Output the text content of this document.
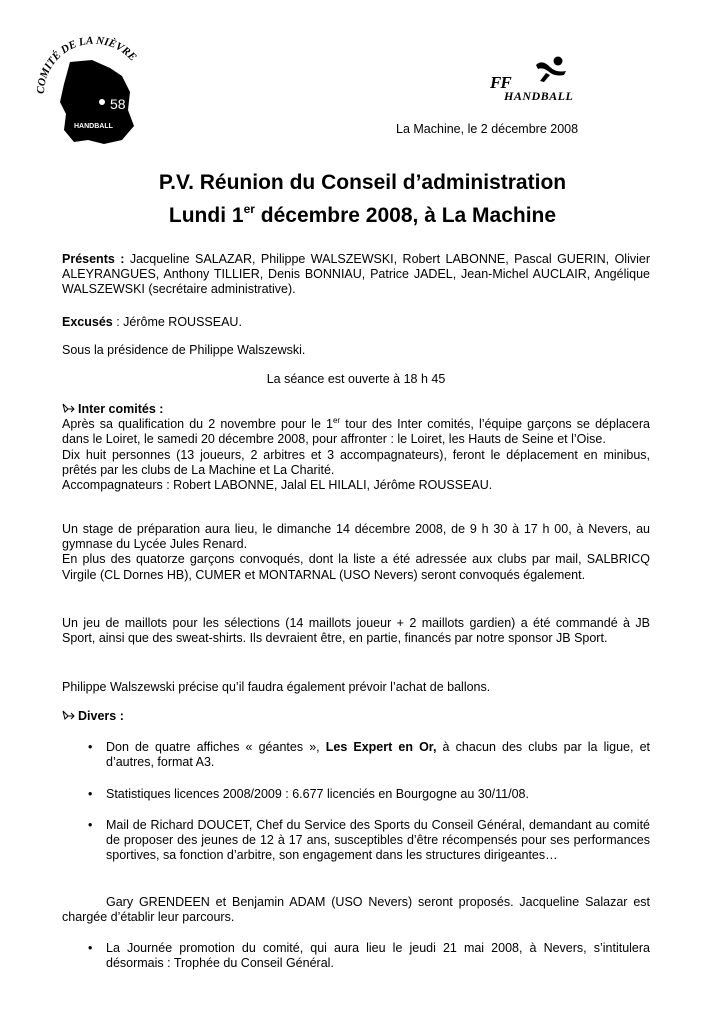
COMITÉ DE LA NIÈVRE
58
HANDBALL
FF
HANDBALL
La Machine, le 2 décembre 2008
P.V. Réunion du Conseil d’administration
Lundi 1er décembre 2008, à La Machine

Présents : Jacqueline SALAZAR, Philippe WALSZEWSKI, Robert LABONNE, Pascal GUERIN, Olivier ALEYRANGUES, Anthony TILLIER, Denis BONNIAU, Patrice JADEL, Jean-Michel AUCLAIR, Angélique WALSZEWSKI (secrétaire administrative).

Excusés : Jérôme ROUSSEAU.

Sous la présidence de Philippe Walszewski.

La séance est ouverte à 18 h 45

Inter comités :

Après sa qualification du 2 novembre pour le 1er tour des Inter comités, l’équipe garçons se déplacera dans le Loiret, le samedi 20 décembre 2008, pour affronter : le Loiret, les Hauts de Seine et l’Oise.

Dix huit personnes (13 joueurs, 2 arbitres et 3 accompagnateurs), feront le déplacement en minibus, prêtés par les clubs de La Machine et La Charité.

Accompagnateurs : Robert LABONNE, Jalal EL HILALI, Jérôme ROUSSEAU.

Un stage de préparation aura lieu, le dimanche 14 décembre 2008, de 9 h 30 à 17 h 00, à Nevers, au gymnase du Lycée Jules Renard.

En plus des quatorze garçons convoqués, dont la liste a été adressée aux clubs par mail, SALBRICQ Virgile (CL Dornes HB), CUMER et MONTARNAL (USO Nevers) seront convoqués également.

Un jeu de maillots pour les sélections (14 maillots joueur + 2 maillots gardien) a été commandé à JB Sport, ainsi que des sweat-shirts. Ils devraient être, en partie, financés par notre sponsor JB Sport.

Philippe Walszewski précise qu’il faudra également prévoir l’achat de ballons.

Divers :

• Don de quatre affiches « géantes », Les Expert en Or, à chacun des clubs par la ligue, et d’autres, format A3.
• Statistiques licences 2008/2009 : 6.677 licenciés en Bourgogne au 30/11/08.
• Mail de Richard DOUCET, Chef du Service des Sports du Conseil Général, demandant au comité de proposer des jeunes de 12 à 17 ans, susceptibles d’être récompensés pour ses performances sportives, sa fonction d’arbitre, son engagement dans les structures dirigeantes…

Gary GRENDEEN et Benjamin ADAM (USO Nevers) seront proposés. Jacqueline Salazar est chargée d’établir leur parcours.

• La Journée promotion du comité, qui aura lieu le jeudi 21 mai 2008, à Nevers, s’intitulera désormais : Trophée du Conseil Général.
